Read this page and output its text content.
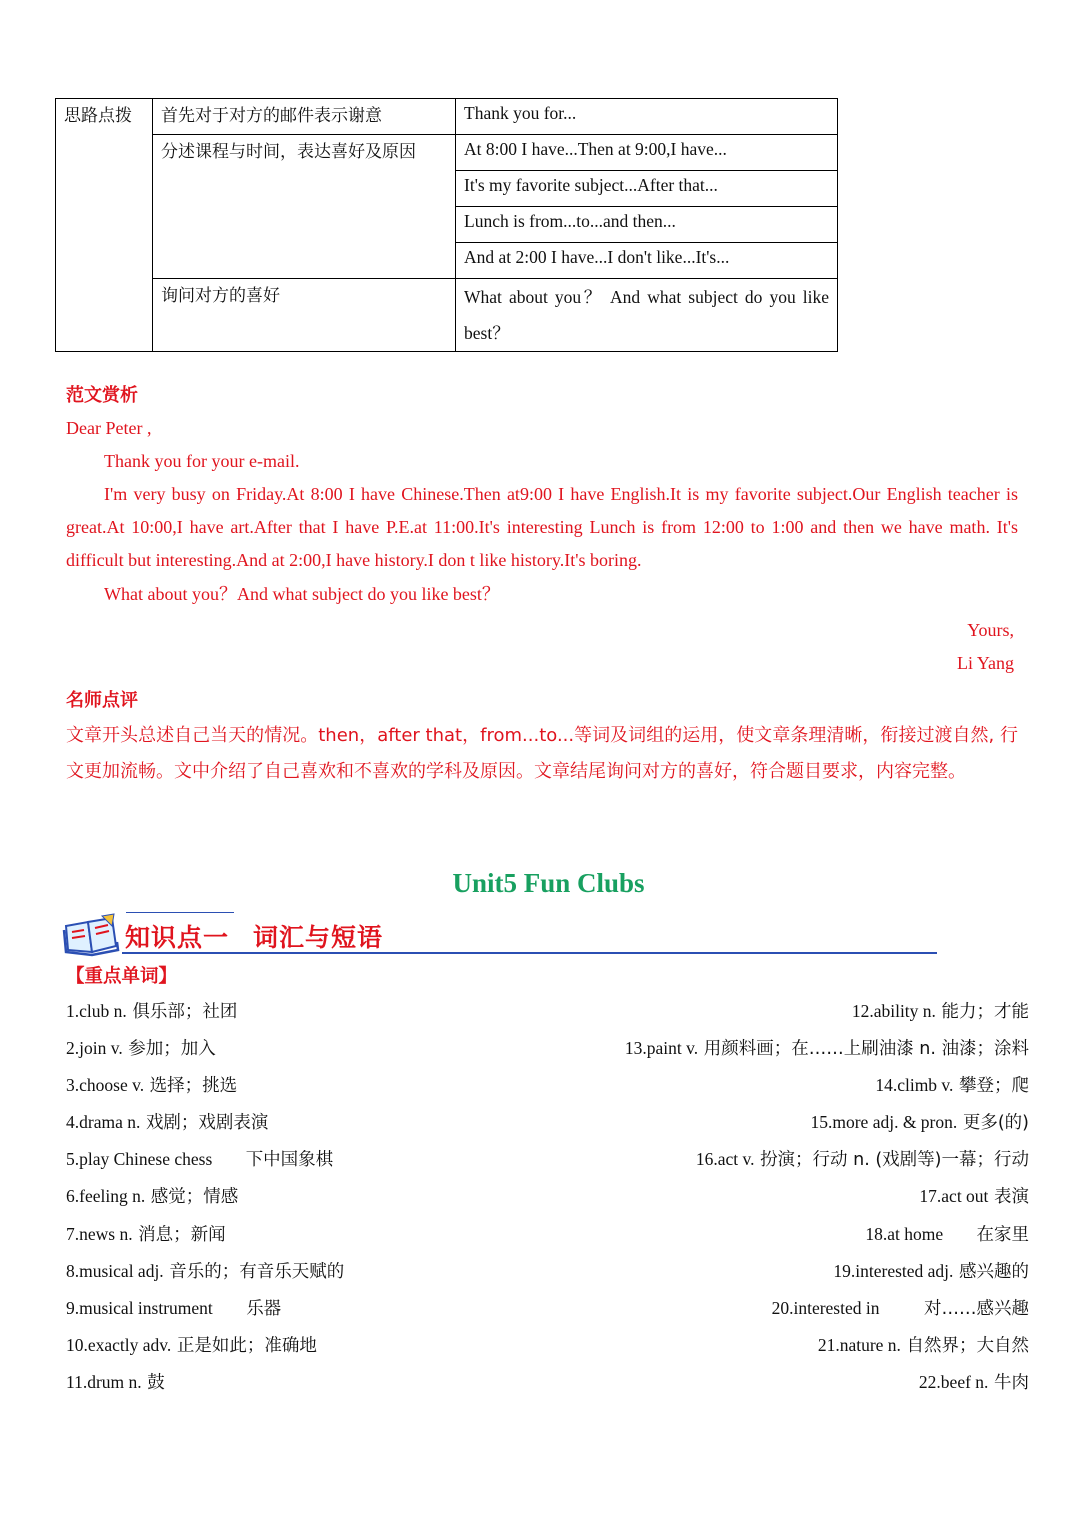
思路点拨	首先对于对方的邮件表示谢意	Thank you for...
	分述课程与时间，表达喜好及原因	At 8:00 I have...Then at 9:00,I have...
		It's my favorite subject...After that...
		Lunch is from...to...and then...
		And at 2:00 I have...I don't like...It's...
	询问对方的喜好	What about you？ And what subject do you like best？
范文赏析

Dear Peter ,

Thank you for your e-mail.

I'm very busy on Friday.At 8:00 I have Chinese.Then at9:00 I have English.It is my favorite subject.Our English teacher is great.At 10:00,I have art.After that I have P.E.at 11:00.It's interesting Lunch is from 12:00 to 1:00 and then we have math. It's difficult but interesting.And at 2:00,I have history.I don t like history.It's boring.

What about you？And what subject do you like best？

Yours,

Li Yang

名师点评
文章开头总述自己当天的情况。then，after that，from...to...等词及词组的运用，使文章条理清晰，衔接过渡自然, 行文更加流畅。文中介绍了自己喜欢和不喜欢的学科及原因。文章结尾询问对方的喜好，符合题目要求，内容完整。
Unit5 Fun Clubs
知识点一 词汇与短语
【重点单词】
1.club n. 俱乐部；社团
2.join v. 参加；加入
3.choose v. 选择；挑选
4.drama n. 戏剧；戏剧表演
5.play Chinese chess 下中国象棋
6.feeling n. 感觉；情感
7.news n. 消息；新闻
8.musical adj. 音乐的；有音乐天赋的
9.musical instrument 乐器
10.exactly adv. 正是如此；准确地
11.drum n. 鼓
12.ability n. 能力；才能
13.paint v. 用颜料画；在……上刷油漆 n. 油漆；涂料
14.climb v. 攀登；爬
15.more adj. & pron. 更多(的)
16.act v. 扮演；行动 n. (戏剧等)一幕；行动
17.act out 表演
18.at home 在家里
19.interested adj. 感兴趣的
20.interested in	对……感兴趣
21.nature n. 自然界；大自然
22.beef n. 牛肉
